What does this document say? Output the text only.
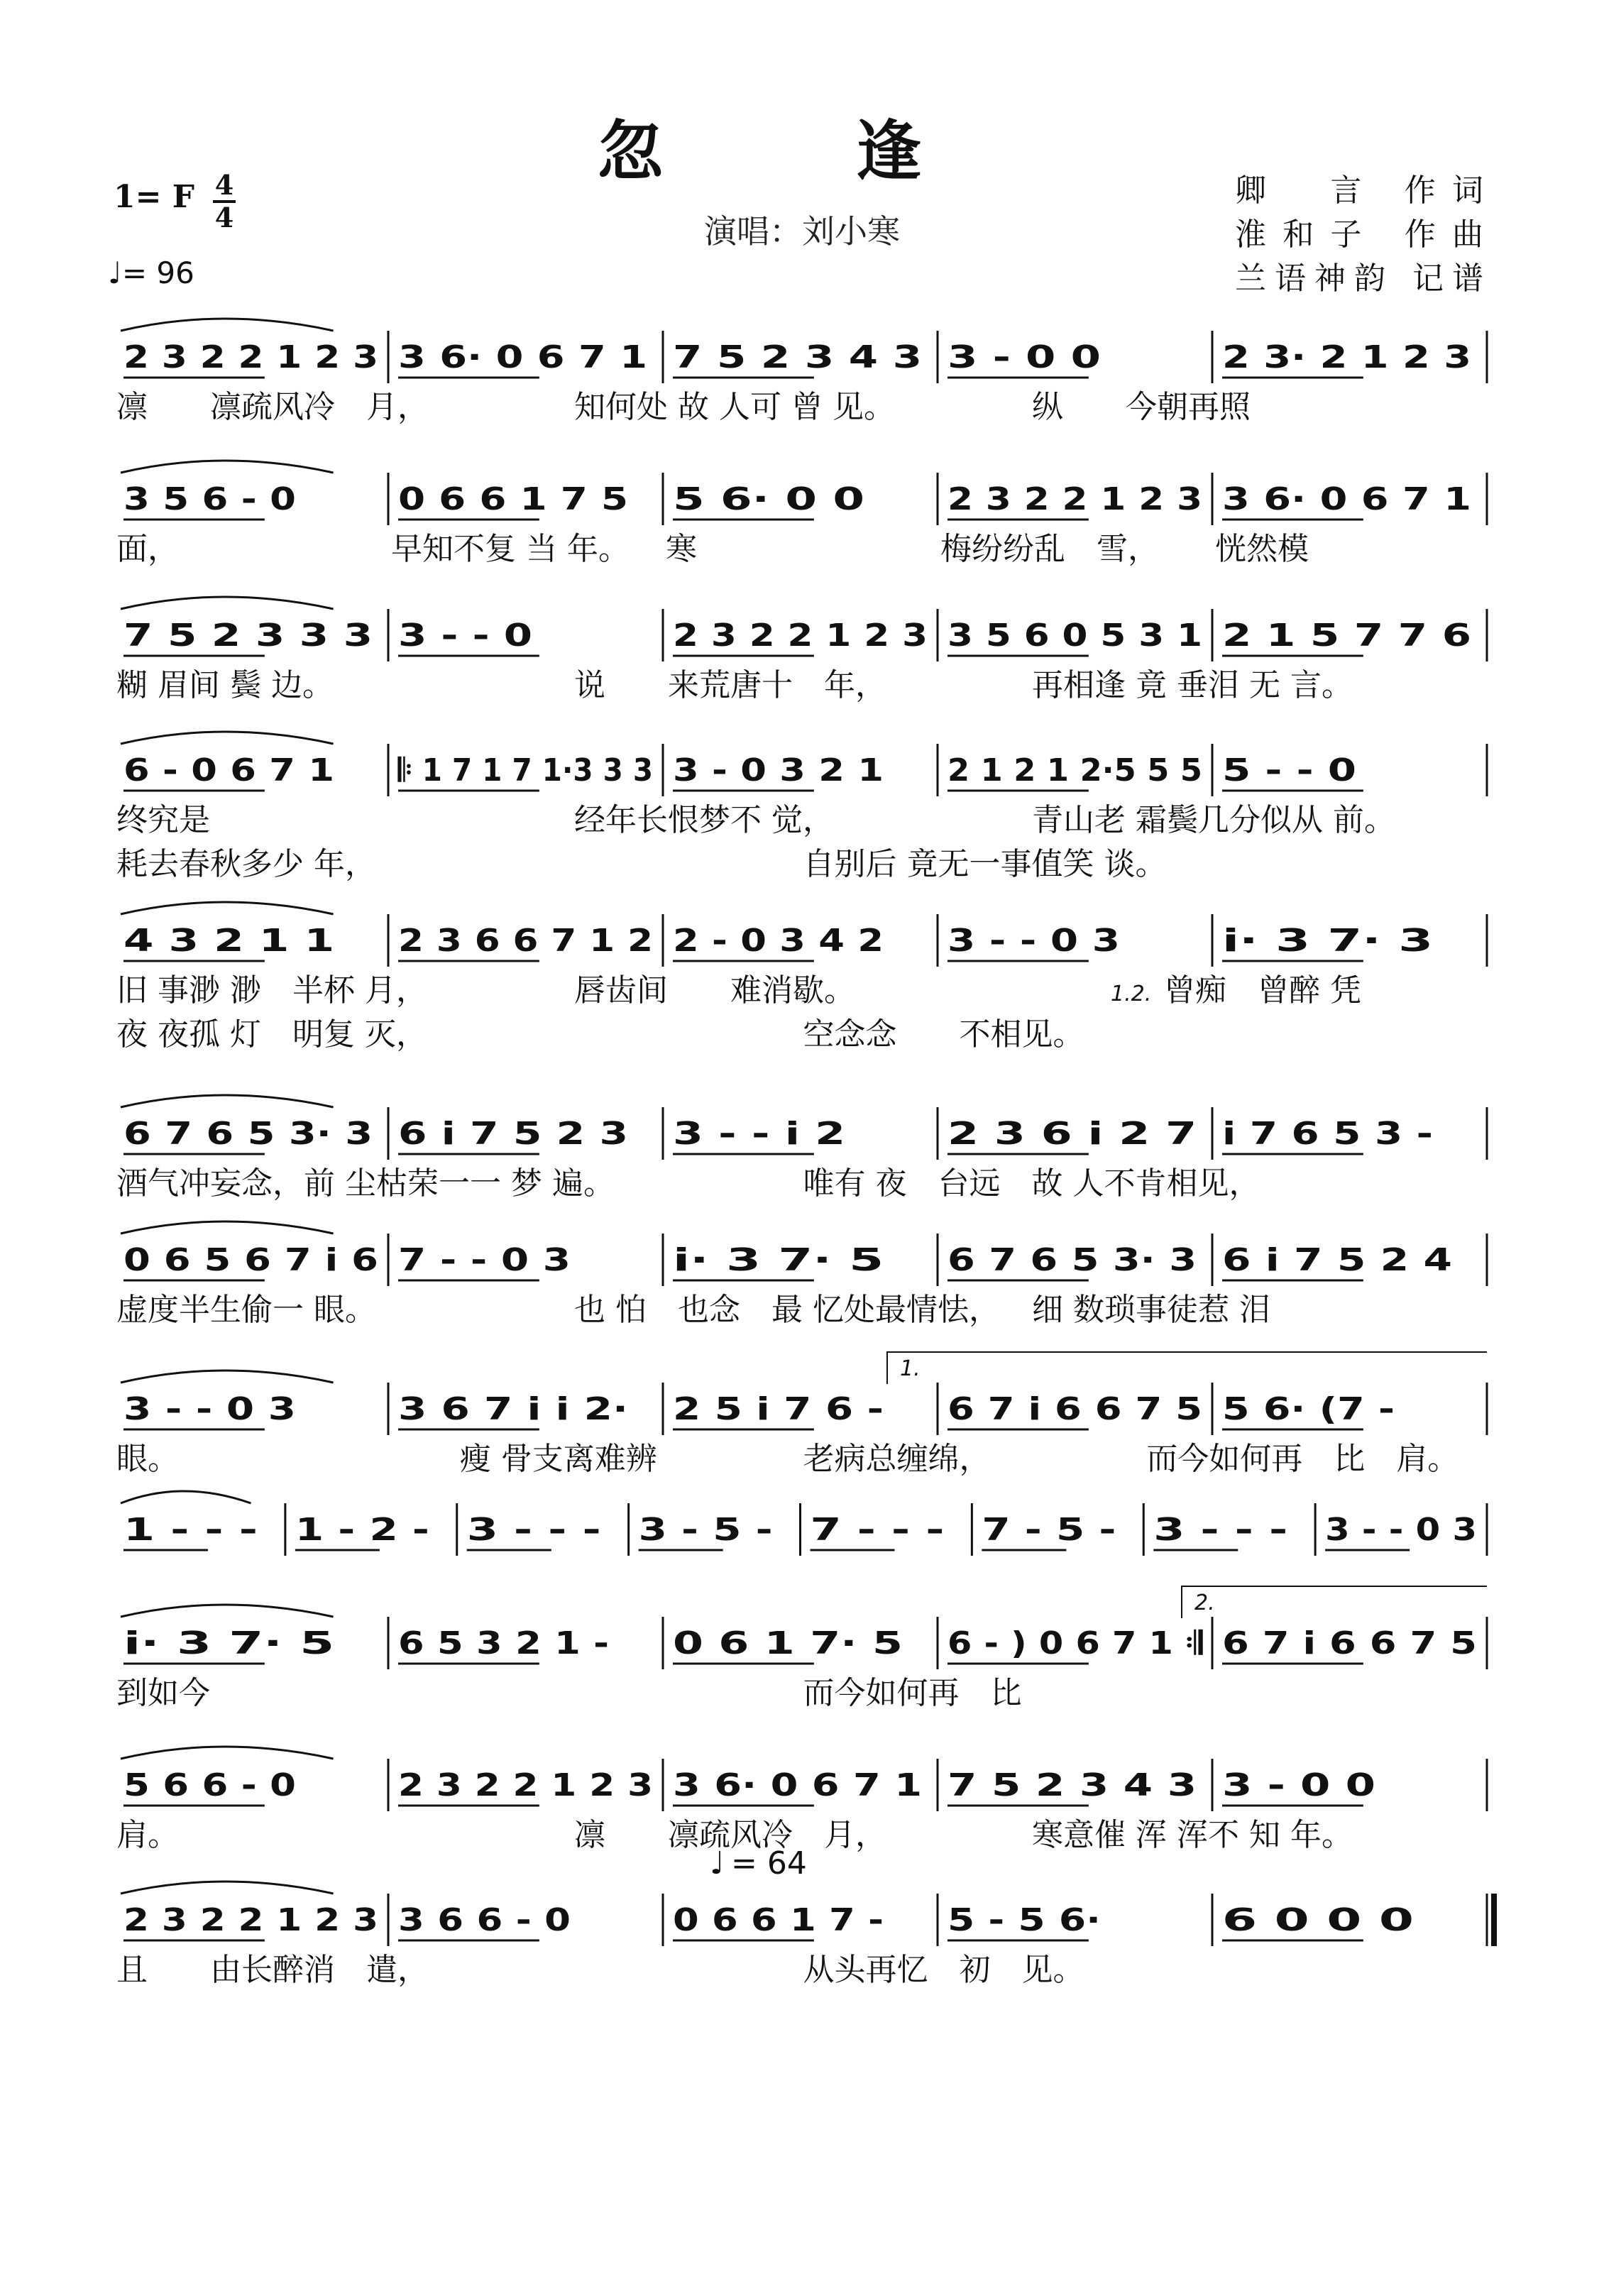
忽 逢
演唱：刘小寒
1= F 4
4
♩= 96
卿　言 作词
淮和子 作曲
兰语神韵 记谱
2 3 2 2 1 2 3 3 6· 0 6 7 1 7 5 2 3 4 3 3 - 0 0	2 3· 2 1 2 3
凛　　凛疏风冷　月，	知何处 故 人可 曾 见。	纵　　今朝再照
3 5 6 - 0	0 6 6 1 7 5 5 6· 0 0	2 3 2 2 1 2 3 3 6· 0 6 7 1
面，	早知不复 当 年。 寒	梅纷纷乱　雪， 恍然模
7 5 2 3 3 3 3 - - 0	2 3 2 2 1 2 3 3 5 6 0 5 3 1 2 1 5 7 7 6
糊 眉间 鬓 边。	说　　来荒唐十　年，	再相逢 竟 垂泪 无 言。
6 - 0 6 7 1 𝄆 1 7 1 7 1·3 3 3 3 - 0 3 2 1 2 1 2 1 2·5 5 5 5 - - 0
终究是	经年长恨梦不 觉，	青山老 霜鬓几分似从 前。
耗去春秋多少 年，	自别后 竟无一事值笑 谈。
4 3 2 1 1 2 3 6 6 7 1 2 2 - 0 3 4 2 3 - - 0 3	i· 3 7· 3
1.2.
旧 事渺 渺　半杯 月，	唇齿间　　难消歇。	曾痴　曾醉 凭
夜 夜孤 灯　明复 灭，	空念念　　不相见。
6 7 6 5 3· 3 6 i 7 5 2 3 3 - - i 2	2 3 6 i 2 7 i 7 6 5 3 -
酒气冲妄念，前 尘枯荣一一 梦 遍。	唯有 夜　台远　故 人不肯相见，
0 6 5 6 7 i 6 7 - - 0 3	i· 3 7· 5 6 7 6 5 3· 3 6 i 7 5 2 4
虚度半生偷一 眼。	也 怕　也念　最 忆处最情怯， 细 数琐事徒惹 泪
3 - - 0 3	3 6 7 i i 2· 2 5 i 7 6 - 6 7 i 6 6 7 5 5 6· (7 -
1.
眼。	瘦 骨支离难辨	老病总缠绵，	而今如何再　比　肩。
1 - - - 1 - 2 - 3 - - - 3 - 5 - 7 - - - 7 - 5 - 3 - - - 3 - - 0 3
i· 3 7· 5 6 5 3 2 1 - 0 6 1 7· 5 6 - ) 0 6 7 1 𝄇 6 7 i 6 6 7 5
2.
到如今	而今如何再　比
5 6 6 - 0	2 3 2 2 1 2 3 3 6· 0 6 7 1 7 5 2 3 4 3 3 - 0 0
肩。	凛　　凛疏风冷　月，	寒意催 浑 浑不 知 年。
2 3 2 2 1 2 3 3 6 6 - 0	0 6 6 1 7 - 5 - 5 6·	6 0 0 0
♩ = 64
且　　由长醉消　遣，	从头再忆　初　见。
